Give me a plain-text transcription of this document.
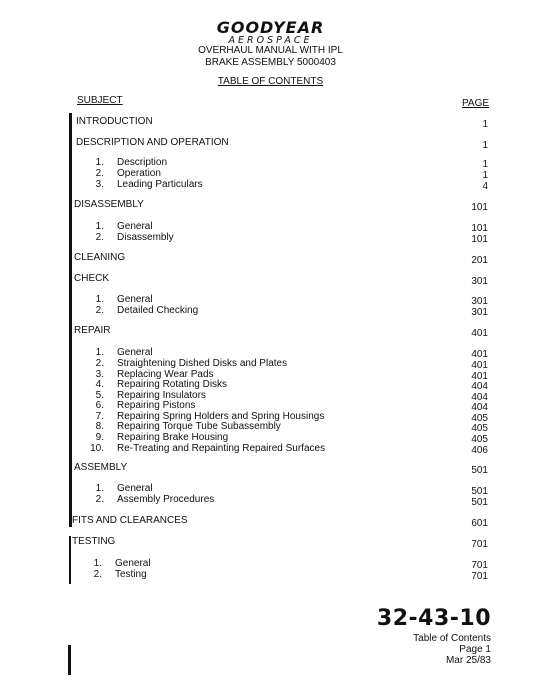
GOODYEAR
AEROSPACE
OVERHAUL MANUAL WITH IPL
BRAKE ASSEMBLY 5000403
TABLE OF CONTENTS
SUBJECT	PAGE
INTRODUCTION	1
DESCRIPTION AND OPERATION	1
1. Description	1
2. Operation	1
3. Leading Particulars	4
DISASSEMBLY	101
1. General	101
2. Disassembly	101
CLEANING	201
CHECK	301
1. General	301
2. Detailed Checking	301
REPAIR	401
1. General	401
2. Straightening Dished Disks and Plates	401
3. Replacing Wear Pads	401
4. Repairing Rotating Disks	404
5. Repairing Insulators	404
6. Repairing Pistons	404
7. Repairing Spring Holders and Spring Housings	405
8. Repairing Torque Tube Subassembly	405
9. Repairing Brake Housing	405
10. Re-Treating and Repainting Repaired Surfaces	406
ASSEMBLY	501
1. General	501
2. Assembly Procedures	501
FITS AND CLEARANCES	601
TESTING	701
1. General	701
2. Testing	701
32-43-10
Table of Contents
Page 1
Mar 25/83
